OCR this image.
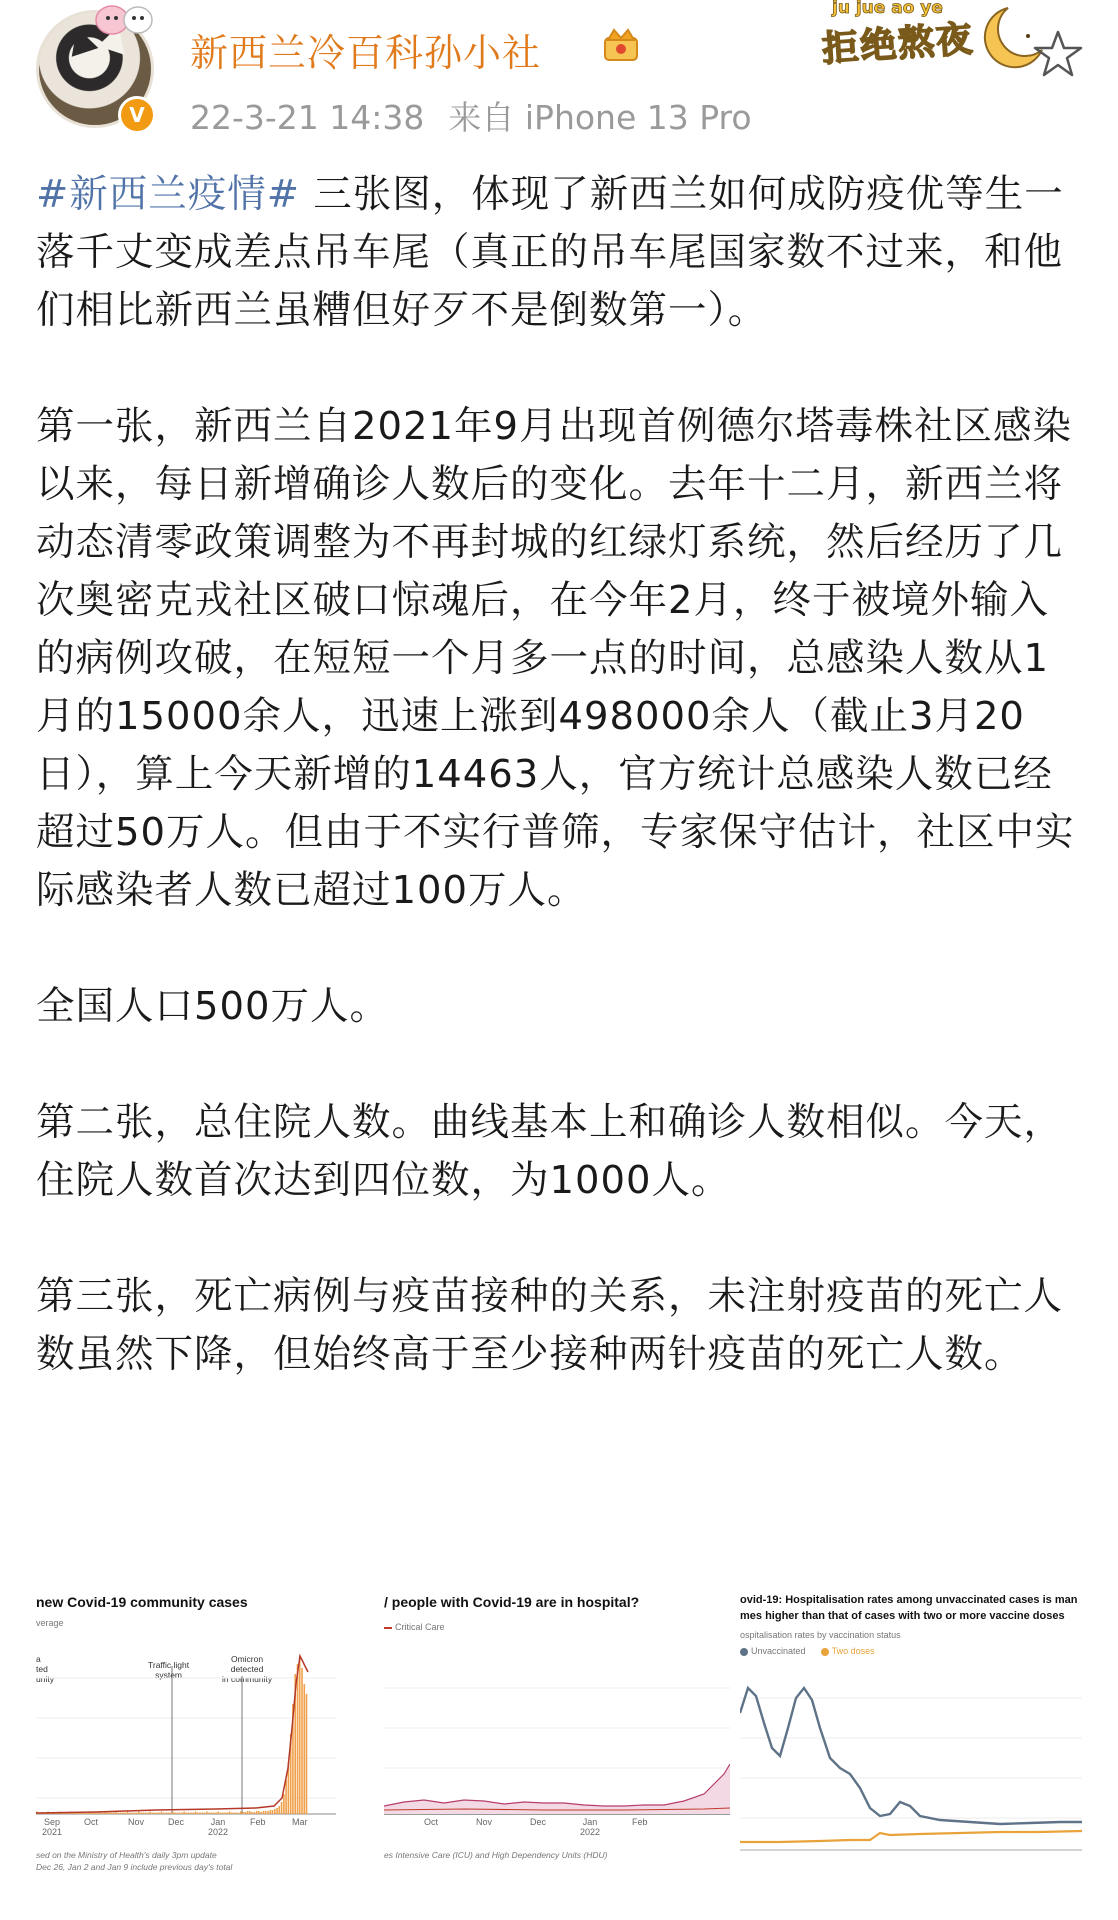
V
新西兰冷百科孙小社
22-3-21 14:38 来自 iPhone 13 Pro
ju jue ao ye
拒绝熬夜

#新西兰疫情# 三张图，体现了新西兰如何成防疫优等生一落千丈变成差点吊车尾（真正的吊车尾国家数不过来，和他们相比新西兰虽糟但好歹不是倒数第一）。

第一张，新西兰自2021年9月出现首例德尔塔毒株社区感染以来，每日新增确诊人数后的变化。去年十二月，新西兰将动态清零政策调整为不再封城的红绿灯系统，然后经历了几次奥密克戎社区破口惊魂后，在今年2月，终于被境外输入的病例攻破，在短短一个月多一点的时间，总感染人数从1月的15000余人，迅速上涨到498000余人（截止3月20日），算上今天新增的14463人，官方统计总感染人数已经超过50万人。但由于不实行普筛，专家保守估计，社区中实际感染者人数已超过100万人。

全国人口500万人。

第二张，总住院人数。曲线基本上和确诊人数相似。今天，住院人数首次达到四位数，为1000人。

第三张，死亡病例与疫苗接种的关系，未注射疫苗的死亡人数虽然下降，但始终高于至少接种两针疫苗的死亡人数。

new Covid-19 community cases
verage
a
ted
unity
Traffic light
system
Omicron
detected
in community
Sep
2021
Oct	Nov	Dec	Jan
2022
Feb	Mar
sed on the Ministry of Health's daily 3pm update
Dec 26, Jan 2 and Jan 9 include previous day's total
/ people with Covid-19 are in hospital?
Critical Care
Oct	Nov	Dec	Jan
2022
Feb
es Intensive Care (ICU) and High Dependency Units (HDU)
ovid-19: Hospitalisation rates among unvaccinated cases is man
mes higher than that of cases with two or more vaccine doses
ospitalisation rates by vaccination status
Unvaccinated	Two doses
